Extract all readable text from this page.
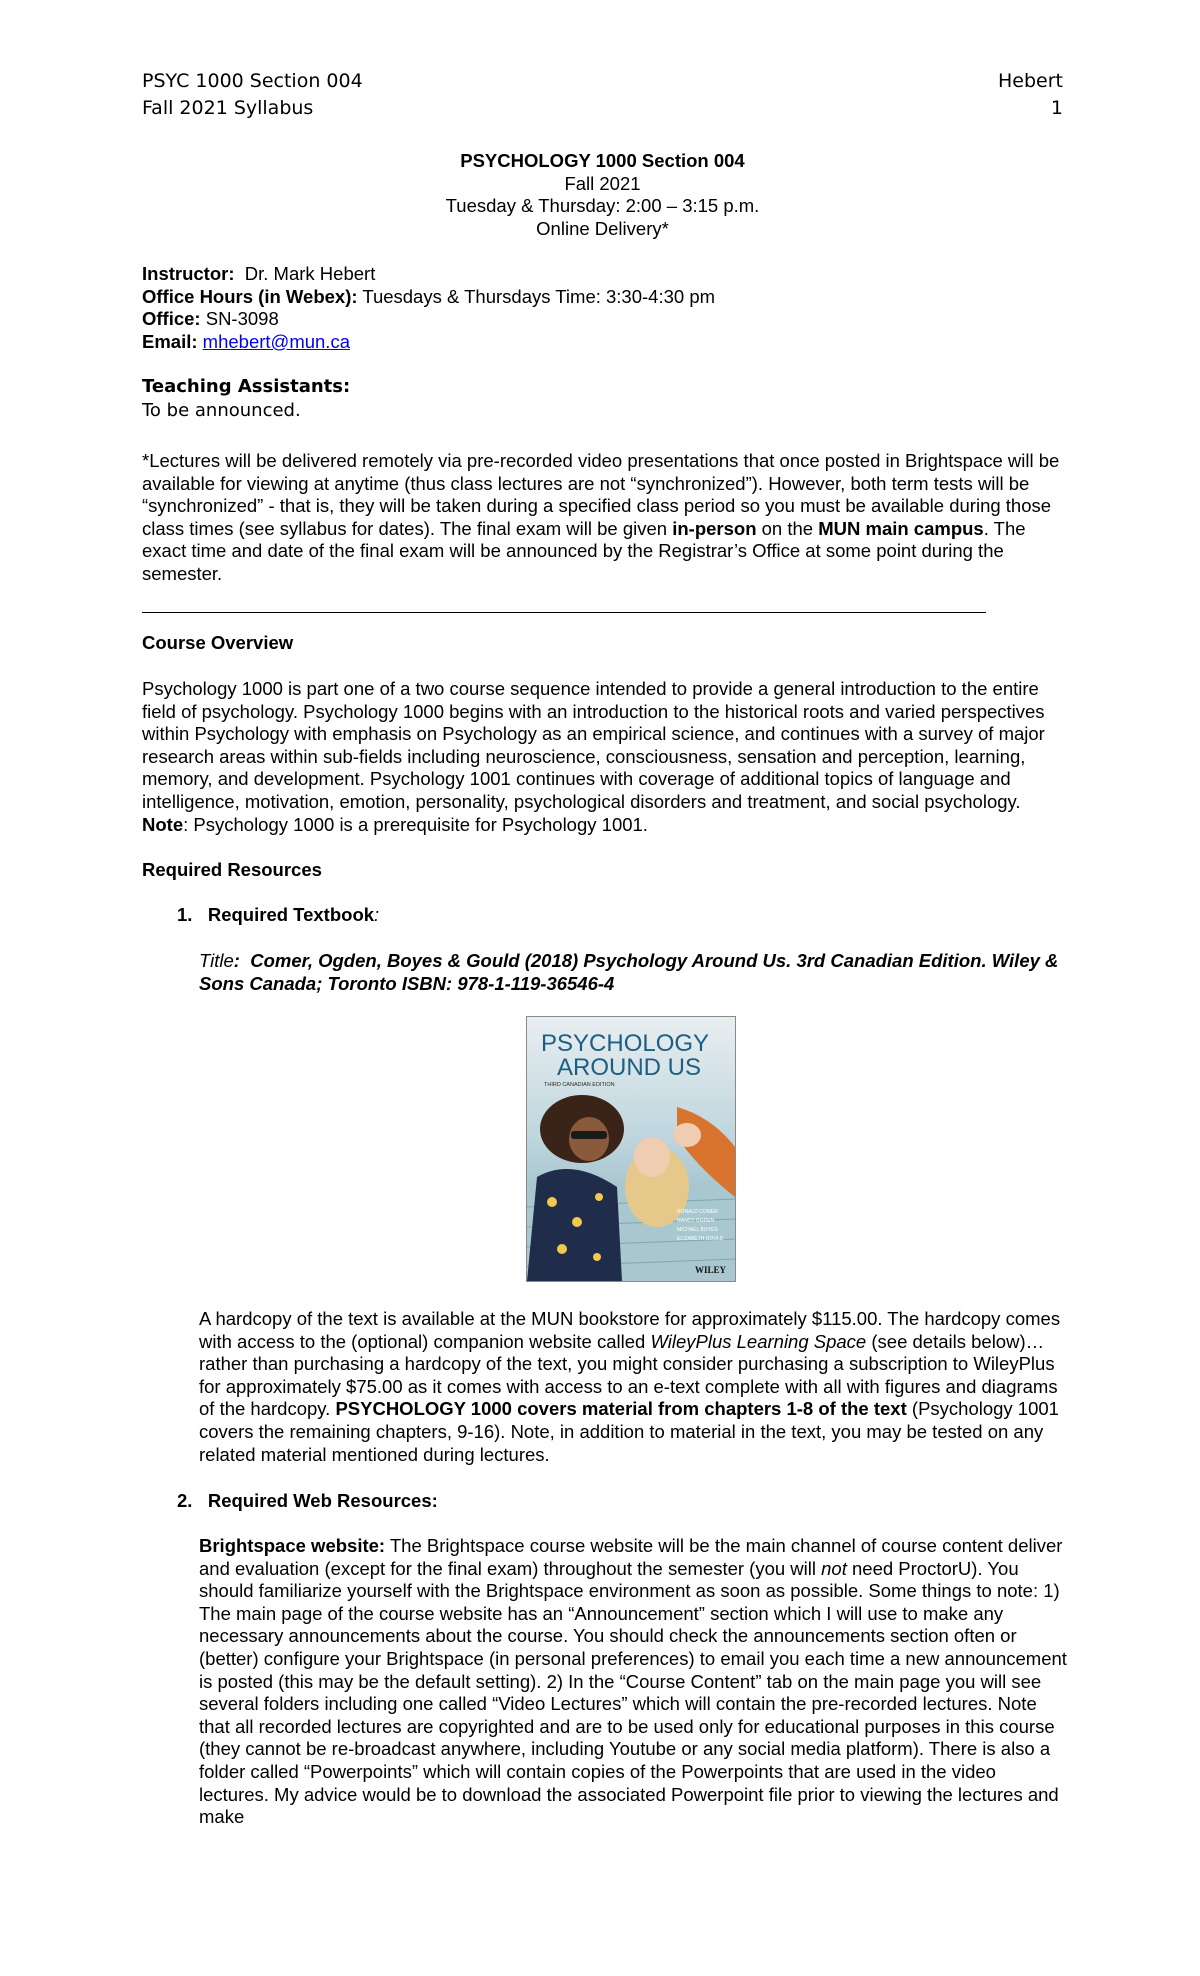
PSYC 1000 Section 004
Fall 2021 Syllabus
Hebert
1
PSYCHOLOGY 1000 Section 004
Fall 2021
Tuesday & Thursday: 2:00 – 3:15 p.m.
Online Delivery*
Instructor: Dr. Mark Hebert
Office Hours (in Webex): Tuesdays & Thursdays Time: 3:30-4:30 pm
Office: SN-3098
Email: mhebert@mun.ca
Teaching Assistants:
To be announced.
*Lectures will be delivered remotely via pre-recorded video presentations that once posted in Brightspace will be available for viewing at anytime (thus class lectures are not “synchronized”). However, both term tests will be “synchronized” - that is, they will be taken during a specified class period so you must be available during those class times (see syllabus for dates). The final exam will be given in-person on the MUN main campus. The exact time and date of the final exam will be announced by the Registrar’s Office at some point during the semester.
Course Overview
Psychology 1000 is part one of a two course sequence intended to provide a general introduction to the entire field of psychology. Psychology 1000 begins with an introduction to the historical roots and varied perspectives within Psychology with emphasis on Psychology as an empirical science, and continues with a survey of major research areas within sub-fields including neuroscience, consciousness, sensation and perception, learning, memory, and development. Psychology 1001 continues with coverage of additional topics of language and intelligence, motivation, emotion, personality, psychological disorders and treatment, and social psychology. Note: Psychology 1000 is a prerequisite for Psychology 1001.
Required Resources
1. Required Textbook:
Title: Comer, Ogden, Boyes & Gould (2018) Psychology Around Us. 3rd Canadian Edition. Wiley & Sons Canada; Toronto ISBN: 978-1-119-36546-4
PSYCHOLOGY
AROUND US
THIRD CANADIAN EDITION
RONALD COMER
NANCY OGDEN
MICHAEL BOYES
ELIZABETH GOULD
WILEY
A hardcopy of the text is available at the MUN bookstore for approximately $115.00. The hardcopy comes with access to the (optional) companion website called WileyPlus Learning Space (see details below)…rather than purchasing a hardcopy of the text, you might consider purchasing a subscription to WileyPlus for approximately $75.00 as it comes with access to an e-text complete with all with figures and diagrams of the hardcopy. PSYCHOLOGY 1000 covers material from chapters 1-8 of the text (Psychology 1001 covers the remaining chapters, 9-16). Note, in addition to material in the text, you may be tested on any related material mentioned during lectures.
2. Required Web Resources:
Brightspace website: The Brightspace course website will be the main channel of course content deliver and evaluation (except for the final exam) throughout the semester (you will not need ProctorU). You should familiarize yourself with the Brightspace environment as soon as possible. Some things to note: 1) The main page of the course website has an “Announcement” section which I will use to make any necessary announcements about the course. You should check the announcements section often or (better) configure your Brightspace (in personal preferences) to email you each time a new announcement is posted (this may be the default setting). 2) In the “Course Content” tab on the main page you will see several folders including one called “Video Lectures” which will contain the pre-recorded lectures. Note that all recorded lectures are copyrighted and are to be used only for educational purposes in this course (they cannot be re-broadcast anywhere, including Youtube or any social media platform). There is also a folder called “Powerpoints” which will contain copies of the Powerpoints that are used in the video lectures. My advice would be to download the associated Powerpoint file prior to viewing the lectures and make
